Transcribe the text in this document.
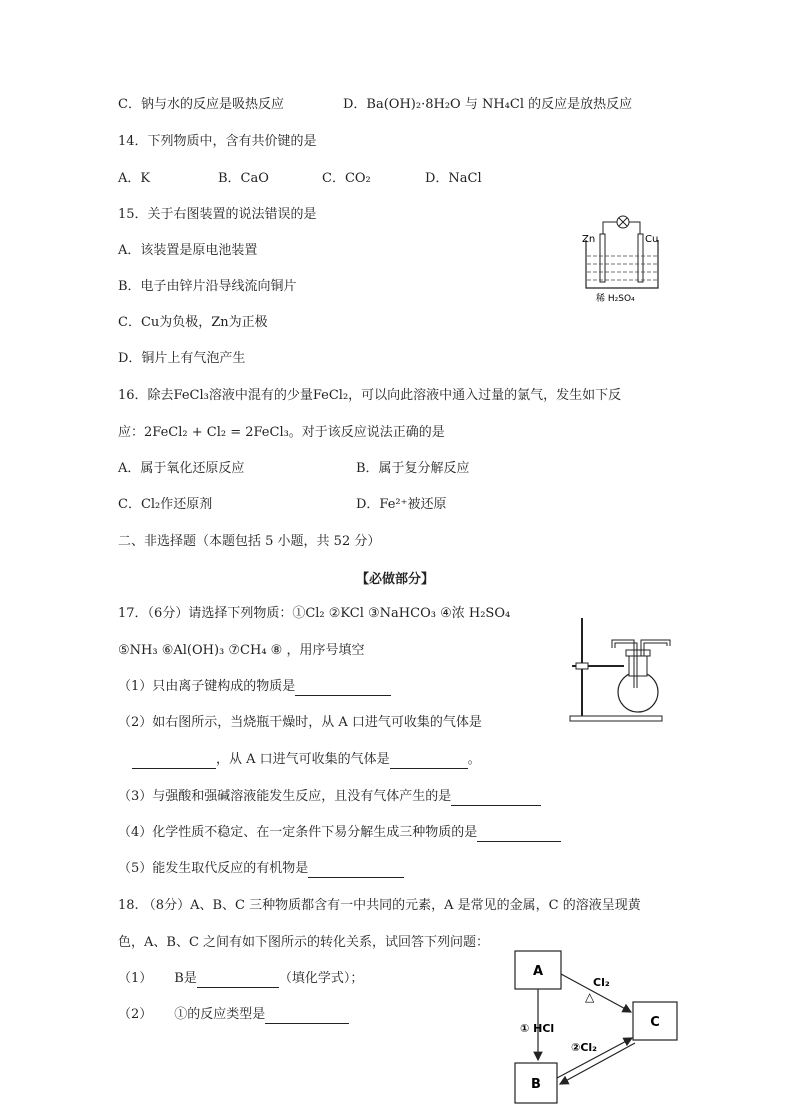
C．钠与水的反应是吸热反应	D．Ba(OH)₂·8H₂O 与 NH₄Cl 的反应是放热反应
14．下列物质中，含有共价键的是
A．K	B．CaO	C．CO₂	D．NaCl
15．关于右图装置的说法错误的是
A．该装置是原电池装置
B．电子由锌片沿导线流向铜片
C．Cu为负极，Zn为正极
D．铜片上有气泡产生
Zn	Cu
稀 H₂SO₄
16．除去FeCl₃溶液中混有的少量FeCl₂，可以向此溶液中通入过量的氯气，发生如下反
应：2FeCl₂ + Cl₂ = 2FeCl₃。对于该反应说法正确的是
A．属于氧化还原反应	B．属于复分解反应
C．Cl₂作还原剂	D．Fe²⁺被还原
二、非选择题（本题包括 5 小题，共 52 分）
【必做部分】
17．（6分）请选择下列物质：①Cl₂ ②KCl ③NaHCO₃ ④浓 H₂SO₄
⑤NH₃ ⑥Al(OH)₃ ⑦CH₄ ⑧ ，用序号填空
（1）只由离子键构成的物质是
（2）如右图所示，当烧瓶干燥时，从 A 口进气可收集的气体是
，从 A 口进气可收集的气体是	。
（3）与强酸和强碱溶液能发生反应，且没有气体产生的是
（4）化学性质不稳定、在一定条件下易分解生成三种物质的是
（5）能发生取代反应的有机物是
18. （8分）A、B、C 三种物质都含有一中共同的元素，A 是常见的金属，C 的溶液呈现黄
色，A、B、C 之间有如下图所示的转化关系，试回答下列问题：
（1） B是	（填化学式）；
（2） ①的反应类型是
A
C
B
Cl₂
△
① HCl
②Cl₂
